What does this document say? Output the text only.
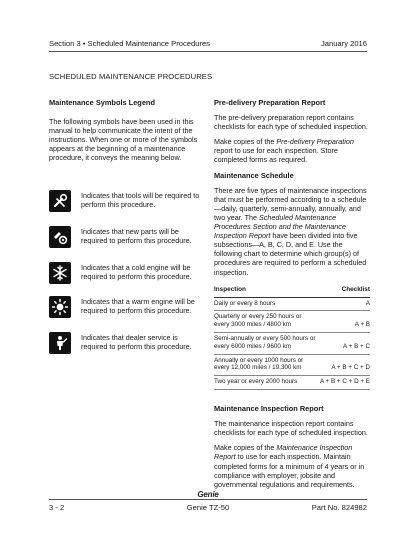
Section 3 • Scheduled Maintenance Procedures	January 2016
SCHEDULED MAINTENANCE PROCEDURES
Maintenance Symbols Legend

The following symbols have been used in this manual to help communicate the intent of the instructions. When one or more of the symbols appears at the beginning of a maintenance procedure, it conveys the meaning below.

Indicates that tools will be required to perform this procedure.
Indicates that new parts will be required to perform this procedure.
Indicates that a cold engine will be required to perform this procedure.
Indicates that a warm engine will be required to perform this procedure.
Indicates that dealer service is required to perform this procedure.
Pre-delivery Preparation Report

The pre-delivery preparation report contains checklists for each type of scheduled inspection.

Make copies of the Pre-delivery Preparation report to use for each inspection. Store completed forms as required.

Maintenance Schedule

There are five types of maintenance inspections that must be performed according to a schedule—daily, quarterly, semi-annually, annually, and two year. The Scheduled Maintenance Procedures Section and the Maintenance Inspection Report have been divided into five subsections—A, B, C, D, and E. Use the following chart to determine which group(s) of procedures are required to perform a scheduled inspection.

Inspection	Checklist
Daily or every 8 hours	A
Quarterly or every 250 hours or every 3000 miles / 4800 km	A + B
Semi-annually or every 500 hours or every 6000 miles / 9600 km	A + B + C
Annually or every 1000 hours or every 12,000 miles / 19,300 km	A + B + C + D
Two year or every 2000 hours	A + B + C + D + E
Maintenance Inspection Report

The maintenance inspection report contains checklists for each type of scheduled inspection.

Make copies of the Maintenance Inspection Report to use for each inspection. Maintain completed forms for a minimum of 4 years or in compliance with employer, jobsite and governmental regulations and requirements.

Genie
3 - 2	Genie TZ-50	Part No. 824982
